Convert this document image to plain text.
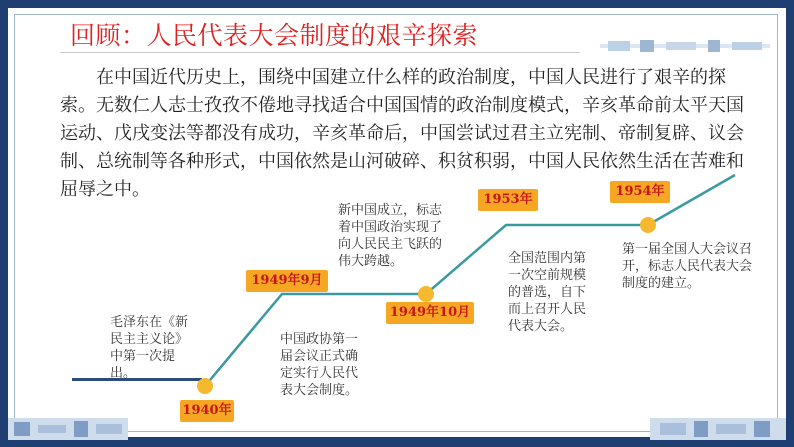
回顾：人民代表大会制度的艰辛探索

在中国近代历史上，围绕中国建立什么样的政治制度，中国人民进行了艰辛的探索。无数仁人志士孜孜不倦地寻找适合中国国情的政治制度模式，辛亥革命前太平天国运动、戊戌变法等都没有成功，辛亥革命后，中国尝试过君主立宪制、帝制复辟、议会制、总统制等各种形式，中国依然是山河破碎、积贫积弱，中国人民依然生活在苦难和屈辱之中。

1940年
1949年9月
1949年10月
1953年
1954年

毛泽东在《新民主主义论》中第一次提出。

中国政协第一届会议正式确定实行人民代表大会制度。

新中国成立，标志着中国政治实现了向人民民主飞跃的伟大跨越。	全国范围内第一次空前规模的普选，自下而上召开人民代表大会。

第一届全国人大会议召开，标志人民代表大会制度的建立。
